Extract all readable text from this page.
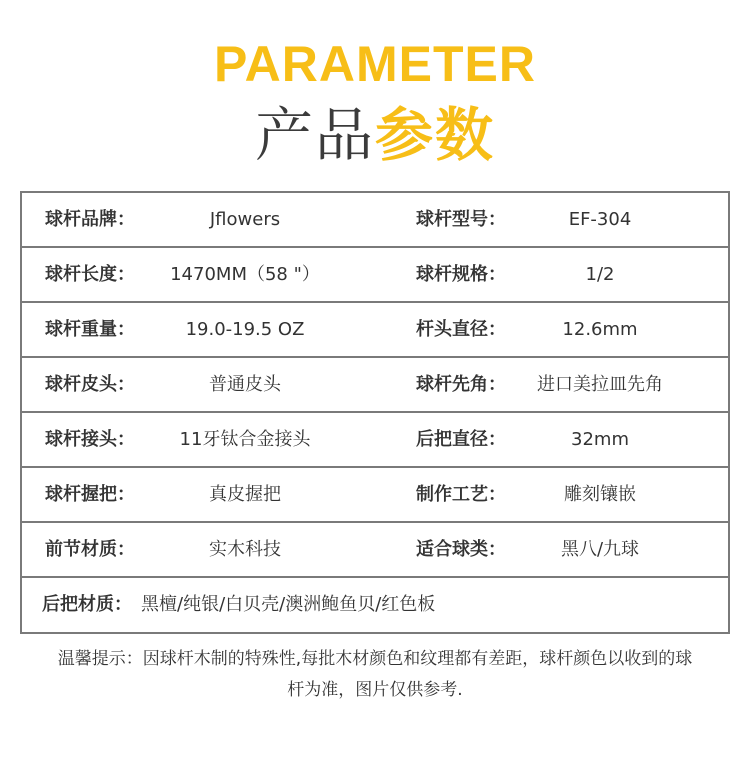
PARAMETER
产品参数
球杆品牌：	Jflowers	球杆型号：	EF-304
球杆长度：	1470MM（58 "）	球杆规格：	1/2
球杆重量：	19.0-19.5 OZ	杆头直径：	12.6mm
球杆皮头：	普通皮头	球杆先角：	进口美拉皿先角
球杆接头：	11牙钛合金接头	后把直径：	32mm
球杆握把：	真皮握把	制作工艺：	雕刻镶嵌
前节材质：	实木科技	适合球类：	黑八/九球
后把材质： 黑檀/纯银/白贝壳/澳洲鲍鱼贝/红色板
温馨提示：因球杆木制的特殊性,每批木材颜色和纹理都有差距，球杆颜色以收到的球
杆为准，图片仅供参考.
